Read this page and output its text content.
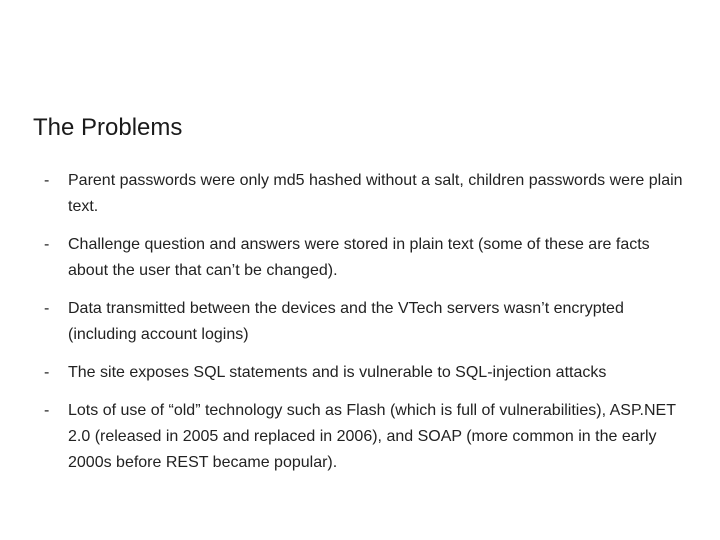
The Problems
-	Parent passwords were only md5 hashed without a salt, children passwords were plain text.
-	Challenge question and answers were stored in plain text (some of these are facts about the user that can’t be changed).
-	Data transmitted between the devices and the VTech servers wasn’t encrypted (including account logins)
-	The site exposes SQL statements and is vulnerable to SQL-injection attacks
-	Lots of use of “old” technology such as Flash (which is full of vulnerabilities), ASP.NET 2.0 (released in 2005 and replaced in 2006), and SOAP (more common in the early 2000s before REST became popular).
